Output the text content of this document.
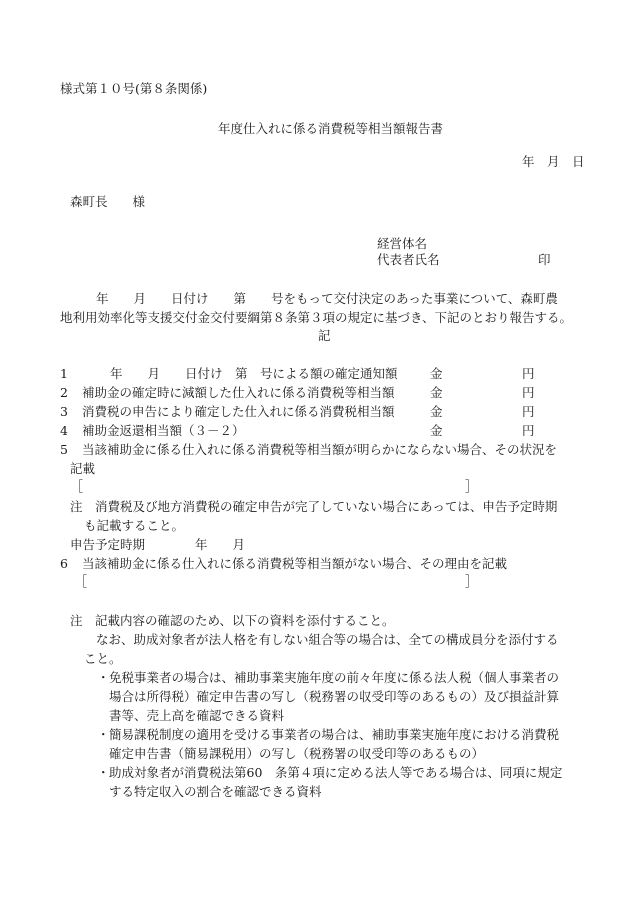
様式第１０号(第８条関係)
年度仕入れに係る消費税等相当額報告書
年　月　日
森町長　　様
経営体名
代表者氏名	印
年　　月　　日付け　　第　　号をもって交付決定のあった事業について、森町農
地利用効率化等支援交付金交付要綱第８条第３項の規定に基づき、下記のとおり報告する。
記
1	年　　月　　日付け　第　号による額の確定通知額	金	円
2 補助金の確定時に減額した仕入れに係る消費税等相当額	金	円
3 消費税の申告により確定した仕入れに係る消費税相当額	金	円
4 補助金返還相当額（３－２）	金	円
5 当該補助金に係る仕入れに係る消費税等相当額が明らかにならない場合、その状況を
記載
［	］
注　消費税及び地方消費税の確定申告が完了していない場合にあっては、申告予定時期
も記載すること。
申告予定時期　　　　年　　月
6 当該補助金に係る仕入れに係る消費税等相当額がない場合、その理由を記載
［	］
注　記載内容の確認のため、以下の資料を添付すること。
なお、助成対象者が法人格を有しない組合等の場合は、全ての構成員分を添付する
こと。
・ 免税事業者の場合は、補助事業実施年度の前々年度に係る法人税（個人事業者の
場合は所得税）確定申告書の写し（税務署の収受印等のあるもの）及び損益計算
書等、売上高を確認できる資料
・ 簡易課税制度の適用を受ける事業者の場合は、補助事業実施年度における消費税
確定申告書（簡易課税用）の写し（税務署の収受印等のあるもの）
・ 助成対象者が消費税法第60　条第４項に定める法人等である場合は、同項に規定
する特定収入の割合を確認できる資料
